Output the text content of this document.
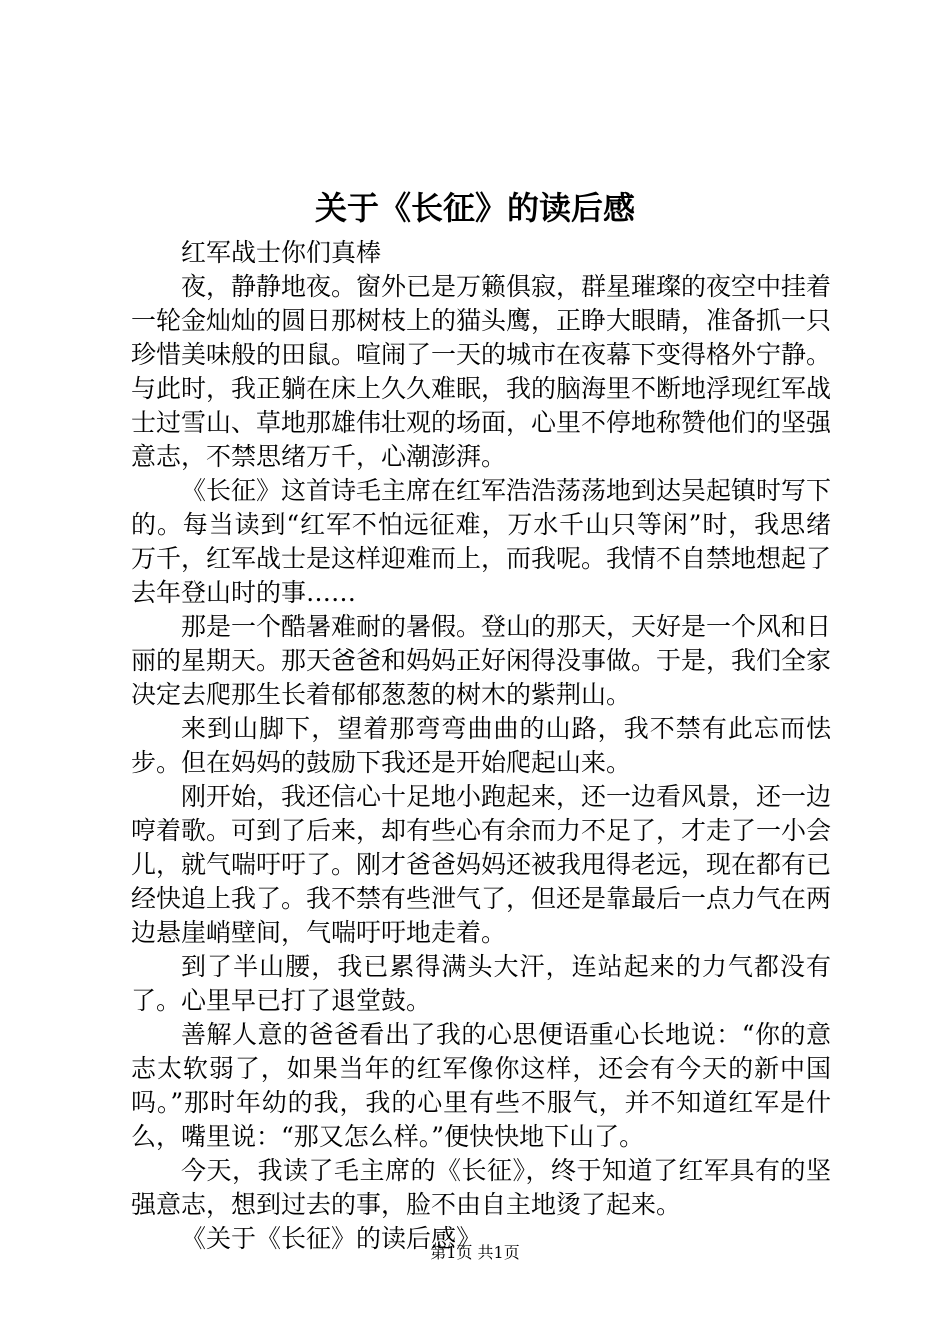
关于《长征》的读后感

红军战士你们真棒

夜，静静地夜。窗外已是万籁俱寂，群星璀璨的夜空中挂着一轮金灿灿的圆日那树枝上的猫头鹰，正睁大眼睛，准备抓一只珍惜美味般的田鼠。喧闹了一天的城市在夜幕下变得格外宁静。与此时，我正躺在床上久久难眠，我的脑海里不断地浮现红军战士过雪山、草地那雄伟壮观的场面，心里不停地称赞他们的坚强意志，不禁思绪万千，心潮澎湃。

《长征》这首诗毛主席在红军浩浩荡荡地到达吴起镇时写下的。每当读到“红军不怕远征难，万水千山只等闲”时，我思绪万千，红军战士是这样迎难而上，而我呢。我情不自禁地想起了去年登山时的事……

那是一个酷暑难耐的暑假。登山的那天，天好是一个风和日丽的星期天。那天爸爸和妈妈正好闲得没事做。于是，我们全家决定去爬那生长着郁郁葱葱的树木的紫荆山。

来到山脚下，望着那弯弯曲曲的山路，我不禁有此忘而怯步。但在妈妈的鼓励下我还是开始爬起山来。

刚开始，我还信心十足地小跑起来，还一边看风景，还一边哼着歌。可到了后来，却有些心有余而力不足了，才走了一小会儿，就气喘吁吁了。刚才爸爸妈妈还被我甩得老远，现在都有已经快追上我了。我不禁有些泄气了，但还是靠最后一点力气在两边悬崖峭壁间，气喘吁吁地走着。

到了半山腰，我已累得满头大汗，连站起来的力气都没有了。心里早已打了退堂鼓。

善解人意的爸爸看出了我的心思便语重心长地说：“你的意志太软弱了，如果当年的红军像你这样，还会有今天的新中国吗。”那时年幼的我，我的心里有些不服气，并不知道红军是什么，嘴里说：“那又怎么样。”便快快地下山了。

今天，我读了毛主席的《长征》，终于知道了红军具有的坚强意志，想到过去的事，脸不由自主地烫了起来。

《关于《长征》的读后感》

第1页 共1页
